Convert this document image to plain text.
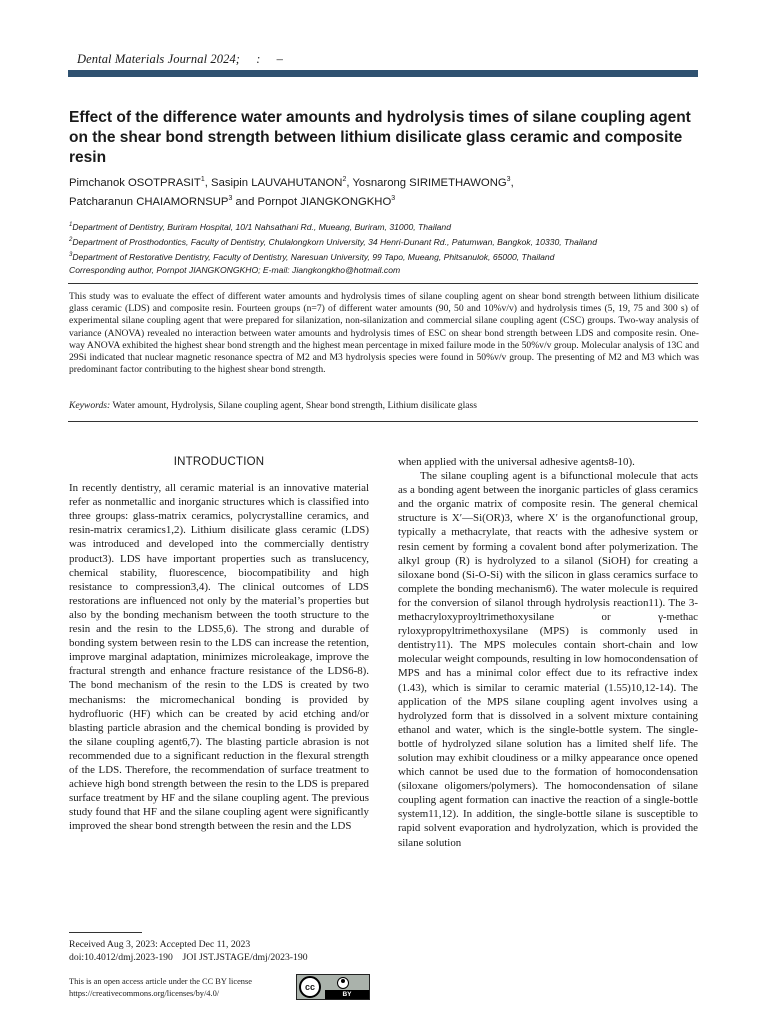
Dental Materials Journal 2024; : –
Effect of the difference water amounts and hydrolysis times of silane coupling agent on the shear bond strength between lithium disilicate glass ceramic and composite resin
Pimchanok OSOTPRASIT$^1$, Sasipin LAUVAHUTANON$^2$, Yosnarong SIRIMETHAWONG$^3$,
Patcharanun CHAIAMORNSUP$^3$ and Pornpot JIANGKONGKHO$^3$

$^1$Department of Dentistry, Buriram Hospital, 10/1 Nahsathani Rd., Mueang, Buriram, 31000, Thailand

$^2$Department of Prosthodontics, Faculty of Dentistry, Chulalongkorn University, 34 Henri-Dunant Rd., Patumwan, Bangkok, 10330, Thailand

$^3$Department of Restorative Dentistry, Faculty of Dentistry, Naresuan University, 99 Tapo, Mueang, Phitsanulok, 65000, Thailand

Corresponding author, Pornpot JIANGKONGKHO; E-mail: Jiangkongkho@hotmail.com

This study was to evaluate the effect of different water amounts and hydrolysis times of silane coupling agent on shear bond strength between lithium disilicate glass ceramic (LDS) and composite resin. Fourteen groups (n=7) of different water amounts (90, 50 and 10%v/v) and hydrolysis times (5, 19, 75 and 300 s) of experimental silane coupling agent that were prepared for silanization, non-silanization and commercial silane coupling agent (CSC) groups. Two-way analysis of variance (ANOVA) revealed no interaction between water amounts and hydrolysis times of ESC on shear bond strength between LDS and composite resin. One-way ANOVA exhibited the highest shear bond strength and the highest mean percentage in mixed failure mode in the 50%v/v group. Molecular analysis of 13C and 29Si indicated that nuclear magnetic resonance spectra of M2 and M3 hydrolysis species were found in 50%v/v group. The presenting of M2 and M3 which was predominant factor contributing to the highest shear bond strength.
Keywords: Water amount, Hydrolysis, Silane coupling agent, Shear bond strength, Lithium disilicate glass

INTRODUCTION

In recently dentistry, all ceramic material is an innovative material refer as nonmetallic and inorganic structures which is classified into three groups: glass-matrix ceramics, polycrystalline ceramics, and resin-matrix ceramics1,2). Lithium disilicate glass ceramic (LDS) was introduced and developed into the commercially dentistry product3). LDS have important properties such as translucency, chemical stability, fluorescence, biocompatibility and high resistance to compression3,4). The clinical outcomes of LDS restorations are influenced not only by the material’s properties but also by the bonding mechanism between the tooth structure to the resin and the resin to the LDS5,6). The strong and durable of bonding system between resin to the LDS can increase the retention, improve marginal adaptation, minimizes microleakage, improve the fractural strength and enhance fracture resistance of the LDS6-8). The bond mechanism of the resin to the LDS is created by two mechanisms: the micromechanical bonding is provided by hydrofluoric (HF) which can be created by acid etching and/or blasting particle abrasion and the chemical bonding is provided by the silane coupling agent6,7). The blasting particle abrasion is not recommended due to a significant reduction in the flexural strength of the LDS. Therefore, the recommendation of surface treatment to achieve high bond strength between the resin to the LDS is prepared surface treatment by HF and the silane coupling agent. The previous study found that HF and the silane coupling agent were significantly improved the shear bond strength between the resin and the LDS

when applied with the universal adhesive agents8-10).

The silane coupling agent is a bifunctional molecule that acts as a bonding agent between the inorganic particles of glass ceramics and the organic matrix of composite resin. The general chemical structure is X′—Si(OR)3, where X′ is the organofunctional group, typically a methacrylate, that reacts with the adhesive system or resin cement by forming a covalent bond after polymerization. The alkyl group (R) is hydrolyzed to a silanol (SiOH) for creating a siloxane bond (Si-O-Si) with the silicon in glass ceramics surface to complete the bonding mechanism6). The water molecule is required for the conversion of silanol through hydrolysis reaction11). The 3-methacryloxyproyltrimethoxysilane or γ-methac ryloxypropyltrimethoxysilane (MPS) is commonly used in dentistry11). The MPS molecules contain short-chain and low molecular weight compounds, resulting in low homocondensation of MPS and has a minimal color effect due to its refractive index (1.43), which is similar to ceramic material (1.55)10,12-14). The application of the MPS silane coupling agent involves using a hydrolyzed form that is dissolved in a solvent mixture containing ethanol and water, which is the single-bottle system. The single-bottle of hydrolyzed silane solution has a limited shelf life. The solution may exhibit cloudiness or a milky appearance once opened which cannot be used due to the formation of homocondensation (siloxane oligomers/polymers). The homocondensation of silane coupling agent formation can inactive the reaction of a single-bottle system11,12). In addition, the single-bottle silane is susceptible to rapid solvent evaporation and hydrolyzation, which is provided the silane solution

Received Aug 3, 2023: Accepted Dec 11, 2023
doi:10.4012/dmj.2023-190    JOI JST.JSTAGE/dmj/2023-190
This is an open access article under the CC BY license
https://creativecommons.org/licenses/by/4.0/
cc
BY
